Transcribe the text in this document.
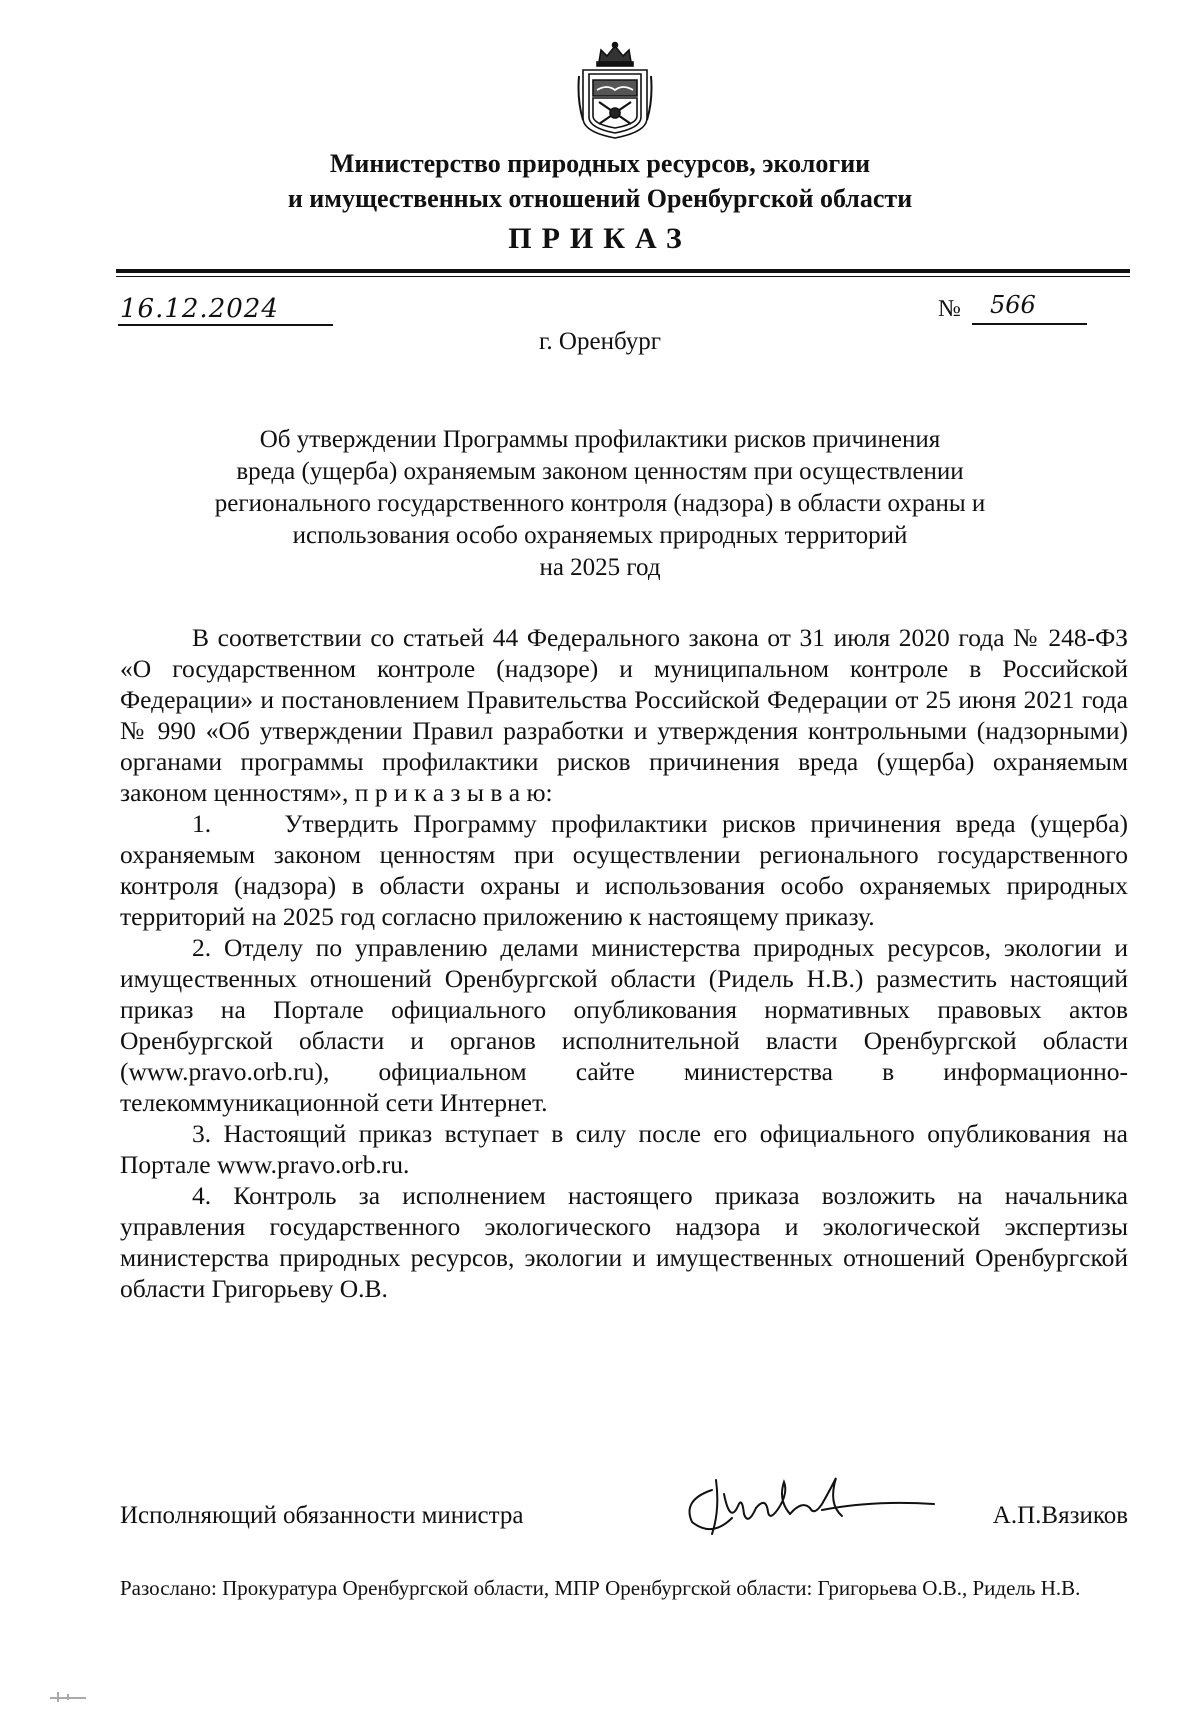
Министерство природных ресурсов, экологии
и имущественных отношений Оренбургской области
ПРИКАЗ
16.12.2024	№ 566
г. Оренбург
Об утверждении Программы профилактики рисков причинения
вреда (ущерба) охраняемым законом ценностям при осуществлении
регионального государственного контроля (надзора) в области охраны и
использования особо охраняемых природных территорий
на 2025 год

В соответствии со статьей 44 Федерального закона от 31 июля 2020 года № 248-ФЗ «О государственном контроле (надзоре) и муниципальном контроле в Российской Федерации» и постановлением Правительства Российской Федерации от 25 июня 2021 года № 990 «Об утверждении Правил разработки и утверждения контрольными (надзорными) органами программы профилактики рисков причинения вреда (ущерба) охраняемым законом ценностям», п р и к а з ы в а ю:

1.     Утвердить Программу профилактики рисков причинения вреда (ущерба) охраняемым законом ценностям при осуществлении регионального государственного контроля (надзора) в области охраны и использования особо охраняемых природных территорий на 2025 год согласно приложению к настоящему приказу.

2. Отделу по управлению делами министерства природных ресурсов, экологии и имущественных отношений Оренбургской области (Ридель Н.В.) разместить настоящий приказ на Портале официального опубликования нормативных правовых актов Оренбургской области и органов исполнительной власти Оренбургской области (www.pravo.orb.ru), официальном сайте министерства в информационно-телекоммуникационной сети Интернет.

3. Настоящий приказ вступает в силу после его официального опубликования на Портале www.pravo.orb.ru.

4. Контроль за исполнением настоящего приказа возложить на начальника управления государственного экологического надзора и экологической экспертизы министерства природных ресурсов, экологии и имущественных отношений Оренбургской области Григорьеву О.В.

Исполняющий обязанности министра	А.П.Вязиков
Разослано: Прокуратура Оренбургской области, МПР Оренбургской области: Григорьева О.В., Ридель Н.В.
